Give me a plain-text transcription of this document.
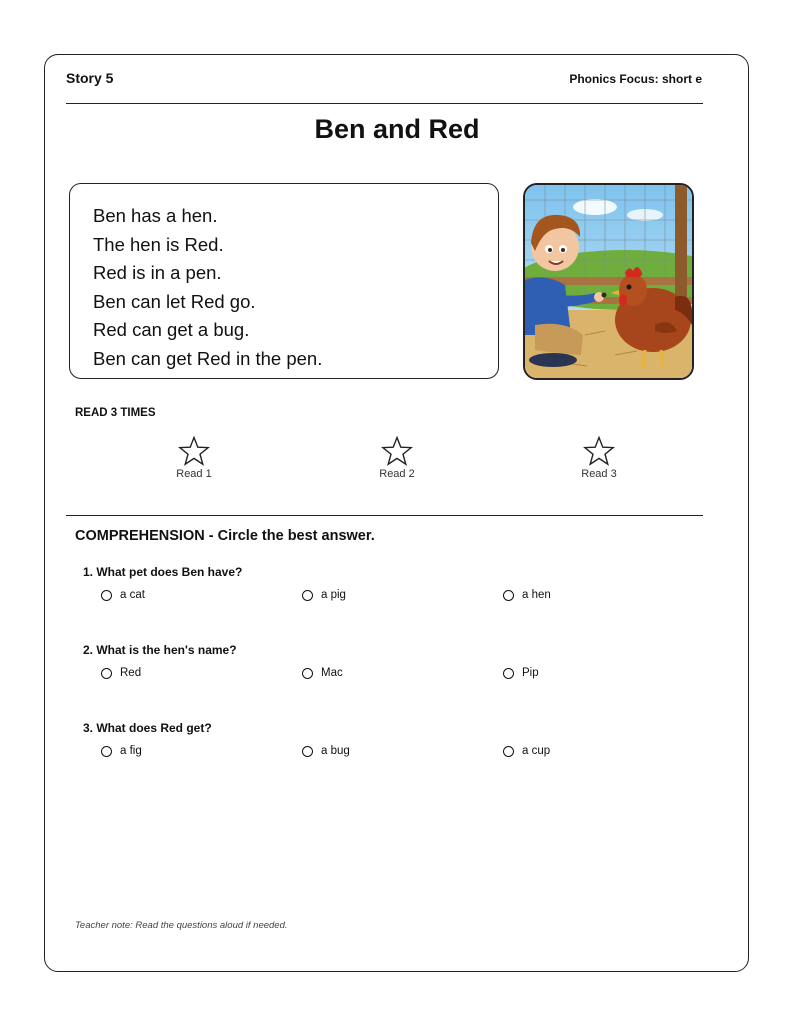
Story 5	Phonics Focus: short e
Ben and Red
Ben has a hen.
The hen is Red.
Red is in a pen.
Ben can let Red go.
Red can get a bug.
Ben can get Red in the pen.
READ 3 TIMES
Read 1	Read 2	Read 3
COMPREHENSION - Circle the best answer.
1. What pet does Ben have?
a cat	a pig	a hen
2. What is the hen's name?
Red	Mac	Pip
3. What does Red get?
a fig	a bug	a cup
Teacher note: Read the questions aloud if needed.
